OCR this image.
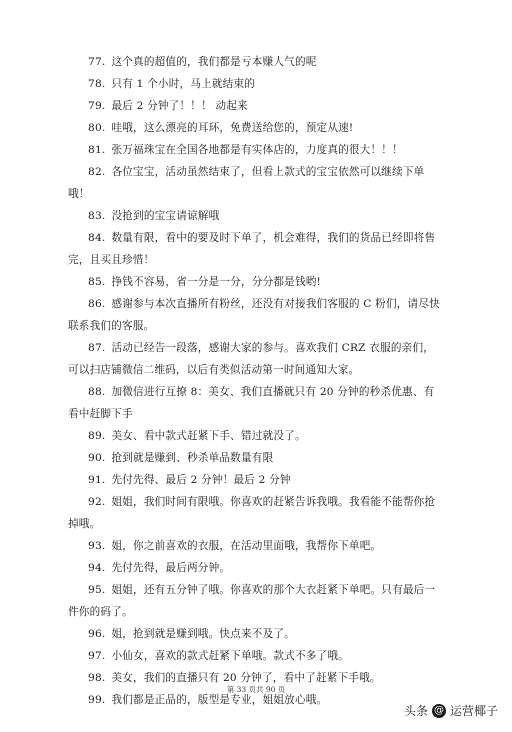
77. 这个真的超值的，我们都是亏本赚人气的呢

78. 只有 1 个小时，马上就结束的

79. 最后 2 分钟了！！！ 动起来

80. 哇哦，这么漂亮的耳环，免费送给您的，预定从速!

81. 张万福珠宝在全国各地都是有实体店的，力度真的很大！！！

82. 各位宝宝，活动虽然结束了，但看上款式的宝宝依然可以继续下单哦！

83. 没抢到的宝宝请谅解哦

84. 数量有限，看中的要及时下单了，机会难得，我们的货品已经即将售完，且买且珍惜！

85. 挣钱不容易，省一分是一分，分分都是钱哟!

86. 感谢参与本次直播所有粉丝，还没有对接我们客服的 C 粉们，请尽快联系我们的客服。

87. 活动已经告一段落，感谢大家的参与。喜欢我们 CRZ 衣服的亲们，可以扫店铺微信二维码，以后有类似活动第一时间通知大家。

88. 加微信进行互撩 8：美女、我们直播就只有 20 分钟的秒杀优惠、有看中赶脚下手

89. 美女、看中款式赶紧下手、错过就没了。

90. 抢到就是赚到、秒杀单品数量有限

91. 先付先得、最后 2 分钟！最后 2 分钟

92. 姐姐，我们时间有限哦。你喜欢的赶紧告诉我哦。我看能不能帮你抢掉哦。

93. 姐，你之前喜欢的衣服，在活动里面哦，我帮你下单吧。

94. 先付先得，最后两分钟。

95. 姐姐，还有五分钟了哦。你喜欢的那个大衣赶紧下单吧。只有最后一件你的码了。

96. 姐，抢到就是赚到哦。快点来不及了。

97. 小仙女，喜欢的款式赶紧下单哦。款式不多了哦。

98. 美女，我们的直播只有 20 分钟了，看中了赶紧下手哦。

99. 我们都是正品的，版型是专业，姐姐放心哦。

第 33 页共 90 页
头条 @ 运营椰子
